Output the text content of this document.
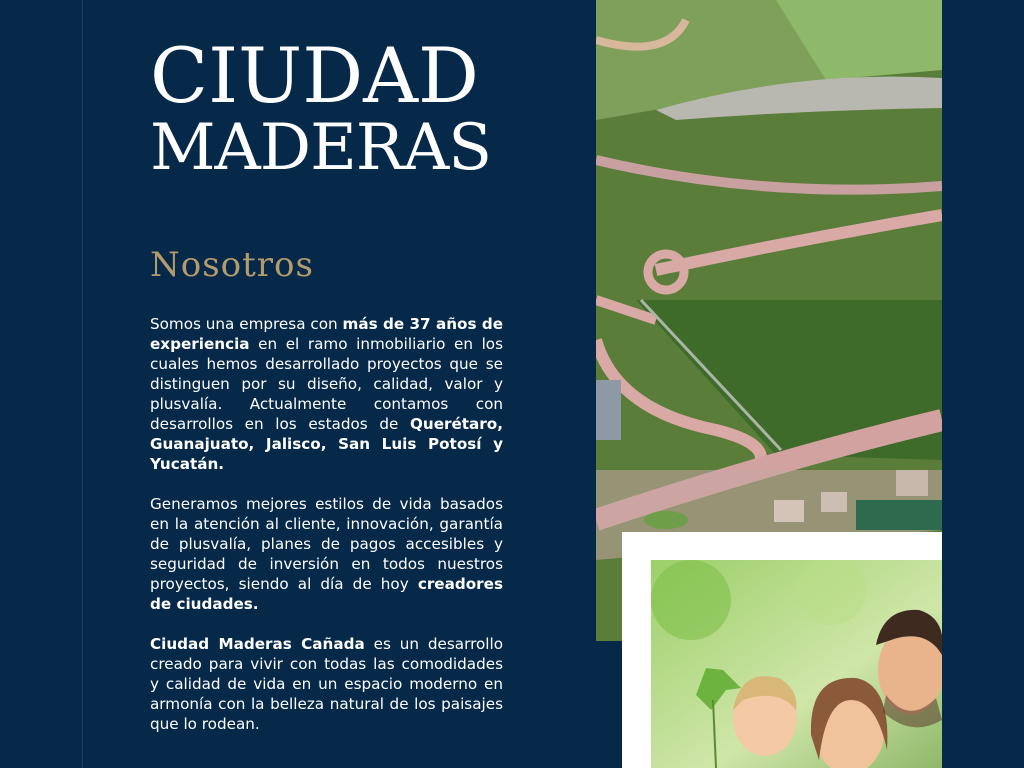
CIUDAD
MADERAS
Nosotros

Somos una empresa con más de 37 años de experiencia en el ramo inmobiliario en los cuales hemos desarrollado proyectos que se distinguen por su diseño, calidad, valor y plusvalía. Actualmente contamos con desarrollos en los estados de Querétaro, Guanajuato, Jalisco, San Luis Potosí y Yucatán.

Generamos mejores estilos de vida basados en la atención al cliente, innovación, garantía de plusvalía, planes de pagos accesibles y seguridad de inversión en todos nuestros proyectos, siendo al día de hoy creadores de ciudades.

Ciudad Maderas Cañada es un desarrollo creado para vivir con todas las comodidades y calidad de vida en un espacio moderno en armonía con la belleza natural de los paisajes que lo rodean.
